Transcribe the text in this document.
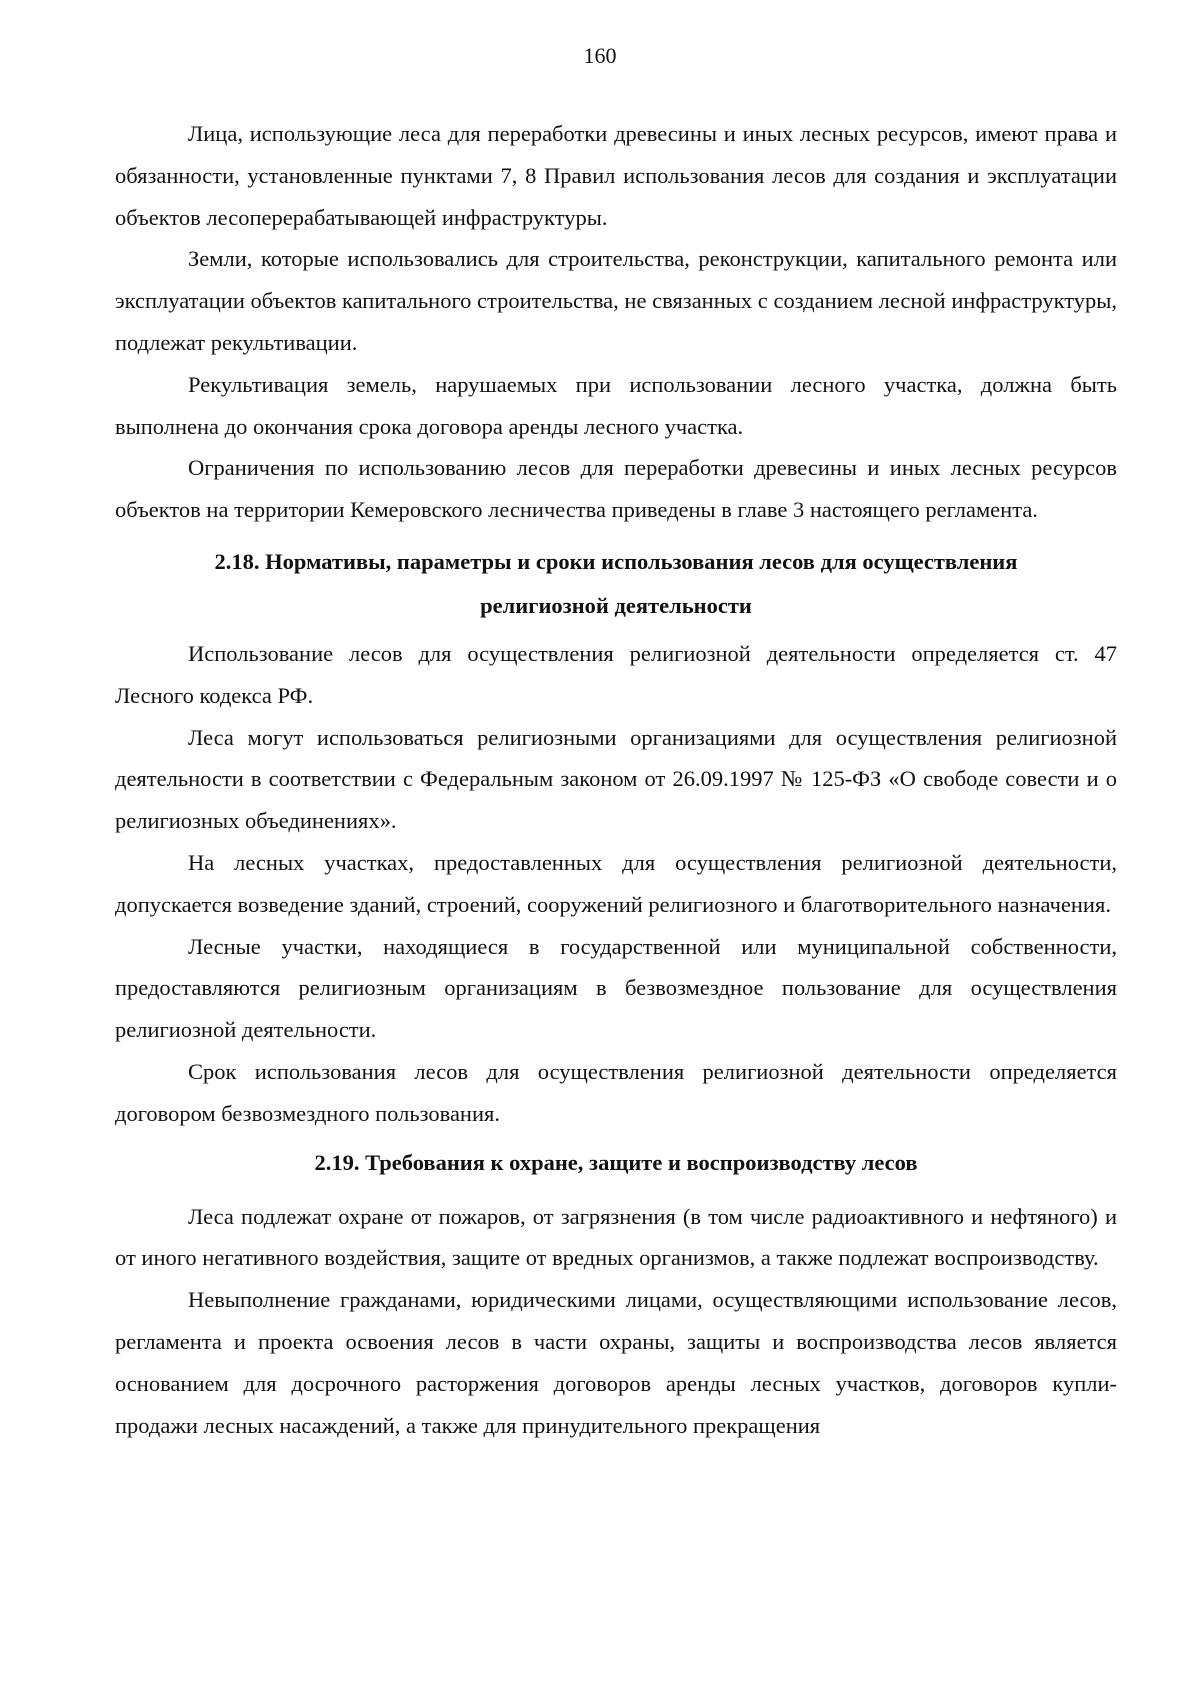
160

Лица, использующие леса для переработки древесины и иных лесных ресурсов, имеют права и обязанности, установленные пунктами 7, 8 Правил использования лесов для создания и эксплуатации объектов лесоперерабатывающей инфраструктуры.

Земли, которые использовались для строительства, реконструкции, капитального ремонта или эксплуатации объектов капитального строительства, не связанных с созданием лесной инфраструктуры, подлежат рекультивации.

Рекультивация земель, нарушаемых при использовании лесного участка, должна быть выполнена до окончания срока договора аренды лесного участка.

Ограничения по использованию лесов для переработки древесины и иных лесных ресурсов объектов на территории Кемеровского лесничества приведены в главе 3 настоящего регламента.

2.18. Нормативы, параметры и сроки использования лесов для осуществления
религиозной деятельности

Использование лесов для осуществления религиозной деятельности определяется ст. 47 Лесного кодекса РФ.

Леса могут использоваться религиозными организациями для осуществления религиозной деятельности в соответствии с Федеральным законом от 26.09.1997 № 125-ФЗ «О свободе совести и о религиозных объединениях».

На лесных участках, предоставленных для осуществления религиозной деятельности, допускается возведение зданий, строений, сооружений религиозного и благотворительного назначения.

Лесные участки, находящиеся в государственной или муниципальной собственности, предоставляются религиозным организациям в безвозмездное пользование для осуществления религиозной деятельности.

Срок использования лесов для осуществления религиозной деятельности определяется договором безвозмездного пользования.

2.19. Требования к охране, защите и воспроизводству лесов

Леса подлежат охране от пожаров, от загрязнения (в том числе радиоактивного и нефтяного) и от иного негативного воздействия, защите от вредных организмов, а также подлежат воспроизводству.

Невыполнение гражданами, юридическими лицами, осуществляющими использование лесов, регламента и проекта освоения лесов в части охраны, защиты и воспроизводства лесов является основанием для досрочного расторжения договоров аренды лесных участков, договоров купли-продажи лесных насаждений, а также для принудительного прекращения
